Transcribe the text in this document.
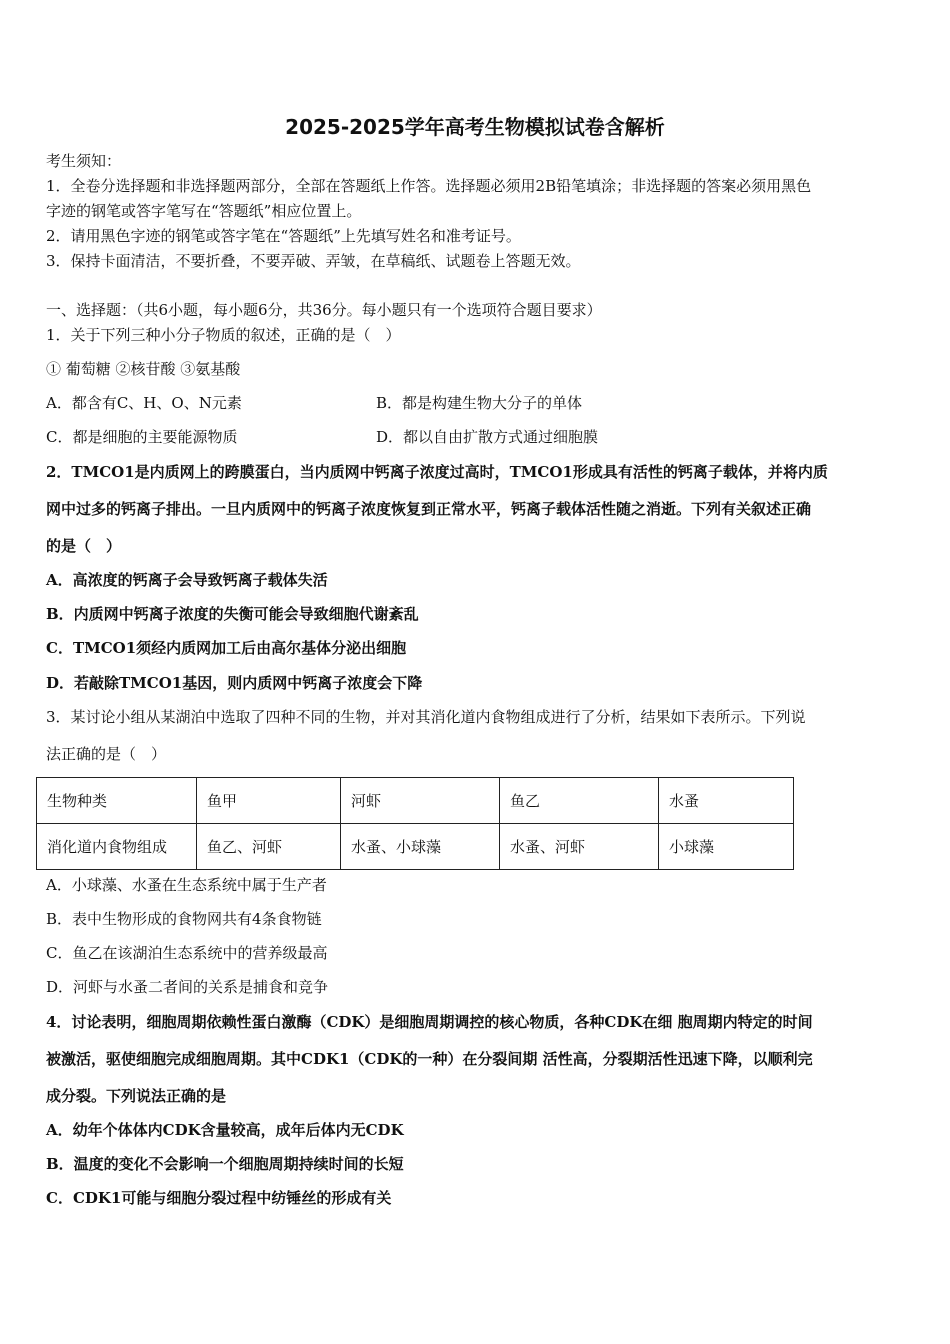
2025-2025学年高考生物模拟试卷含解析
考生须知：
1．全卷分选择题和非选择题两部分，全部在答题纸上作答。选择题必须用2B铅笔填涂；非选择题的答案必须用黑色
字迹的钢笔或答字笔写在“答题纸”相应位置上。
2．请用黑色字迹的钢笔或答字笔在“答题纸”上先填写姓名和准考证号。
3．保持卡面清洁，不要折叠，不要弄破、弄皱，在草稿纸、试题卷上答题无效。
一、选择题：（共6小题，每小题6分，共36分。每小题只有一个选项符合题目要求）
1．关于下列三种小分子物质的叙述，正确的是（　）
① 葡萄糖 ②核苷酸 ③氨基酸
A．都含有C、H、O、N元素	B．都是构建生物大分子的单体
C．都是细胞的主要能源物质	D．都以自由扩散方式通过细胞膜
2．TMCO1是内质网上的跨膜蛋白，当内质网中钙离子浓度过高时，TMCO1形成具有活性的钙离子载体，并将内质
网中过多的钙离子排出。一旦内质网中的钙离子浓度恢复到正常水平，钙离子载体活性随之消逝。下列有关叙述正确
的是（　）
A．高浓度的钙离子会导致钙离子载体失活
B．内质网中钙离子浓度的失衡可能会导致细胞代谢紊乱
C．TMCO1须经内质网加工后由高尔基体分泌出细胞
D．若敲除TMCO1基因，则内质网中钙离子浓度会下降
3．某讨论小组从某湖泊中选取了四种不同的生物，并对其消化道内食物组成进行了分析，结果如下表所示。下列说
法正确的是（　）
生物种类	鱼甲	河虾	鱼乙	水蚤
消化道内食物组成	鱼乙、河虾	水蚤、小球藻	水蚤、河虾	小球藻
A．小球藻、水蚤在生态系统中属于生产者
B．表中生物形成的食物网共有4条食物链
C．鱼乙在该湖泊生态系统中的营养级最高
D．河虾与水蚤二者间的关系是捕食和竞争
4．讨论表明，细胞周期依赖性蛋白激酶（CDK）是细胞周期调控的核心物质，各种CDK在细 胞周期内特定的时间
被激活，驱使细胞完成细胞周期。其中CDK1（CDK的一种）在分裂间期 活性高，分裂期活性迅速下降，以顺利完
成分裂。下列说法正确的是
A．幼年个体体内CDK含量较高，成年后体内无CDK
B．温度的变化不会影响一个细胞周期持续时间的长短
C．CDK1可能与细胞分裂过程中纺锤丝的形成有关
